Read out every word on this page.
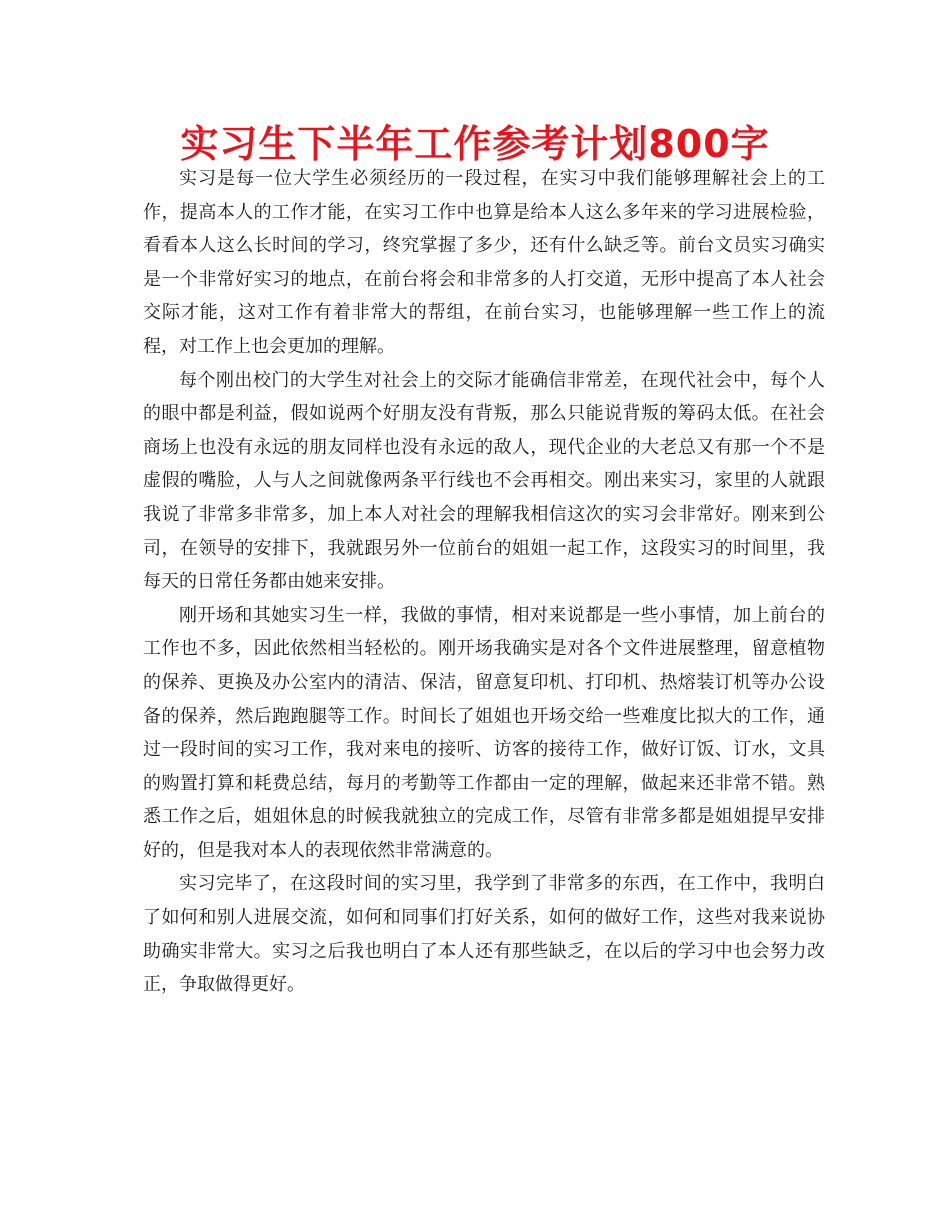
实习生下半年工作参考计划800字

实习是每一位大学生必须经历的一段过程，在实习中我们能够理解社会上的工作，提高本人的工作才能，在实习工作中也算是给本人这么多年来的学习进展检验，看看本人这么长时间的学习，终究掌握了多少，还有什么缺乏等。前台文员实习确实是一个非常好实习的地点，在前台将会和非常多的人打交道，无形中提高了本人社会交际才能，这对工作有着非常大的帮组，在前台实习，也能够理解一些工作上的流程，对工作上也会更加的理解。

每个刚出校门的大学生对社会上的交际才能确信非常差，在现代社会中，每个人的眼中都是利益，假如说两个好朋友没有背叛，那么只能说背叛的筹码太低。在社会商场上也没有永远的朋友同样也没有永远的敌人，现代企业的大老总又有那一个不是虚假的嘴脸，人与人之间就像两条平行线也不会再相交。刚出来实习，家里的人就跟我说了非常多非常多，加上本人对社会的理解我相信这次的实习会非常好。刚来到公司，在领导的安排下，我就跟另外一位前台的姐姐一起工作，这段实习的时间里，我每天的日常任务都由她来安排。

刚开场和其她实习生一样，我做的事情，相对来说都是一些小事情，加上前台的工作也不多，因此依然相当轻松的。刚开场我确实是对各个文件进展整理，留意植物的保养、更换及办公室内的清洁、保洁，留意复印机、打印机、热熔装订机等办公设备的保养，然后跑跑腿等工作。时间长了姐姐也开场交给一些难度比拟大的工作，通过一段时间的实习工作，我对来电的接听、访客的接待工作，做好订饭、订水，文具的购置打算和耗费总结，每月的考勤等工作都由一定的理解，做起来还非常不错。熟悉工作之后，姐姐休息的时候我就独立的完成工作，尽管有非常多都是姐姐提早安排好的，但是我对本人的表现依然非常满意的。

实习完毕了，在这段时间的实习里，我学到了非常多的东西，在工作中，我明白了如何和别人进展交流，如何和同事们打好关系，如何的做好工作，这些对我来说协助确实非常大。实习之后我也明白了本人还有那些缺乏，在以后的学习中也会努力改正，争取做得更好。
